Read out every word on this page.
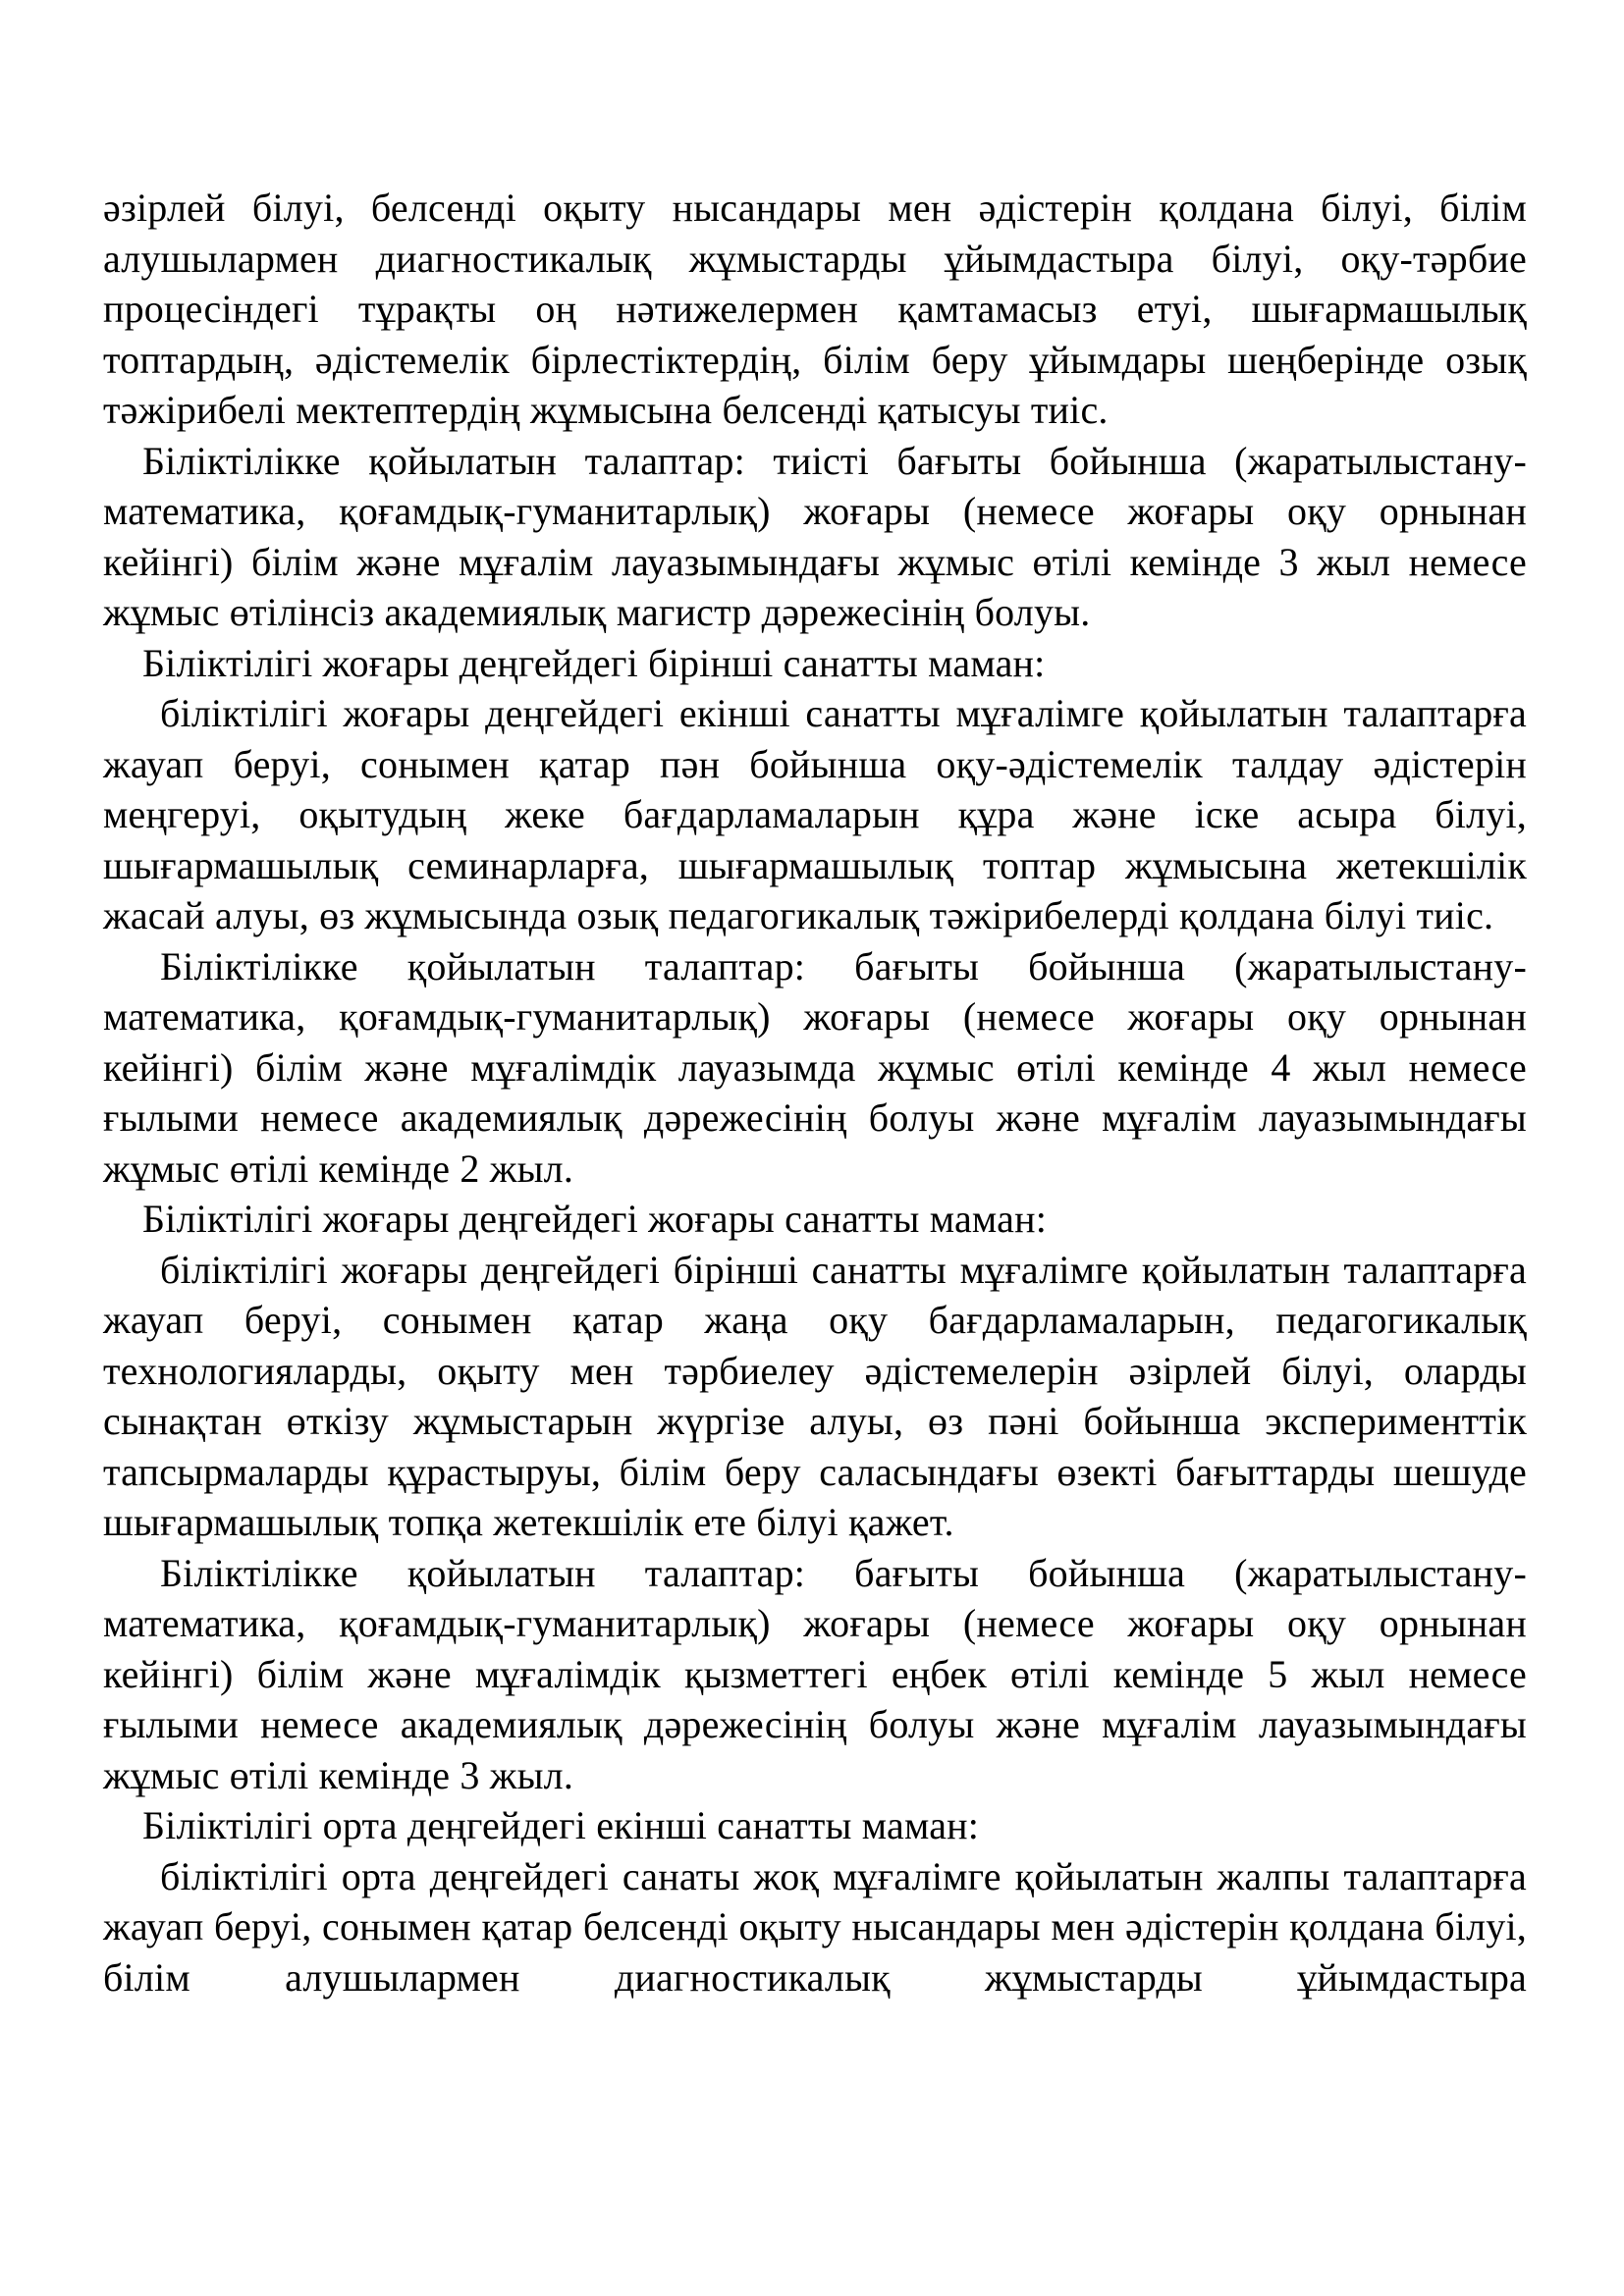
әзірлей білуі, белсенді оқыту нысандары мен әдістерін қолдана білуі, білім алушылармен диагностикалық жұмыстарды ұйымдастыра білуі, оқу-тәрбие процесіндегі тұрақты оң нәтижелермен қамтамасыз етуі, шығармашылық топтардың, әдістемелік бірлестіктердің, білім беру ұйымдары шеңберінде озық тәжірибелі мектептердің жұмысына белсенді қатысуы тиіс.

Біліктілікке қойылатын талаптар: тиісті бағыты бойынша (жаратылыстану-математика, қоғамдық-гуманитарлық) жоғары (немесе жоғары оқу орнынан кейінгі) білім және мұғалім лауазымындағы жұмыс өтілі кемінде 3 жыл немесе жұмыс өтілінсіз академиялық магистр дәрежесінің болуы.

Біліктілігі жоғары деңгейдегі бірінші санатты маман:

біліктілігі жоғары деңгейдегі екінші санатты мұғалімге қойылатын талаптарға жауап беруі, сонымен қатар пән бойынша оқу-әдістемелік талдау әдістерін меңгеруі, оқытудың жеке бағдарламаларын құра және іске асыра білуі, шығармашылық семинарларға, шығармашылық топтар жұмысына жетекшілік жасай алуы, өз жұмысында озық педагогикалық тәжірибелерді қолдана білуі тиіс.

Біліктілікке қойылатын талаптар: бағыты бойынша (жаратылыстану-математика, қоғамдық-гуманитарлық) жоғары (немесе жоғары оқу орнынан кейінгі) білім және мұғалімдік лауазымда жұмыс өтілі кемінде 4 жыл немесе ғылыми немесе академиялық дәрежесінің болуы және мұғалім лауазымындағы жұмыс өтілі кемінде 2 жыл.

Біліктілігі жоғары деңгейдегі жоғары санатты маман:

біліктілігі жоғары деңгейдегі бірінші санатты мұғалімге қойылатын талаптарға жауап беруі, сонымен қатар жаңа оқу бағдарламаларын, педагогикалық технологияларды, оқыту мен тәрбиелеу әдістемелерін әзірлей білуі, оларды сынақтан өткізу жұмыстарын жүргізе алуы, өз пәні бойынша эксперименттік тапсырмаларды құрастыруы, білім беру саласындағы өзекті бағыттарды шешуде шығармашылық топқа жетекшілік ете білуі қажет.

Біліктілікке қойылатын талаптар: бағыты бойынша (жаратылыстану-математика, қоғамдық-гуманитарлық) жоғары (немесе жоғары оқу орнынан кейінгі) білім және мұғалімдік қызметтегі еңбек өтілі кемінде 5 жыл немесе ғылыми немесе академиялық дәрежесінің болуы және мұғалім лауазымындағы жұмыс өтілі кемінде 3 жыл.

Біліктілігі орта деңгейдегі екінші санатты маман:

біліктілігі орта деңгейдегі санаты жоқ мұғалімге қойылатын жалпы талаптарға жауап беруі, сонымен қатар белсенді оқыту нысандары мен әдістерін қолдана білуі, білім алушылармен диагностикалық жұмыстарды ұйымдастыра
